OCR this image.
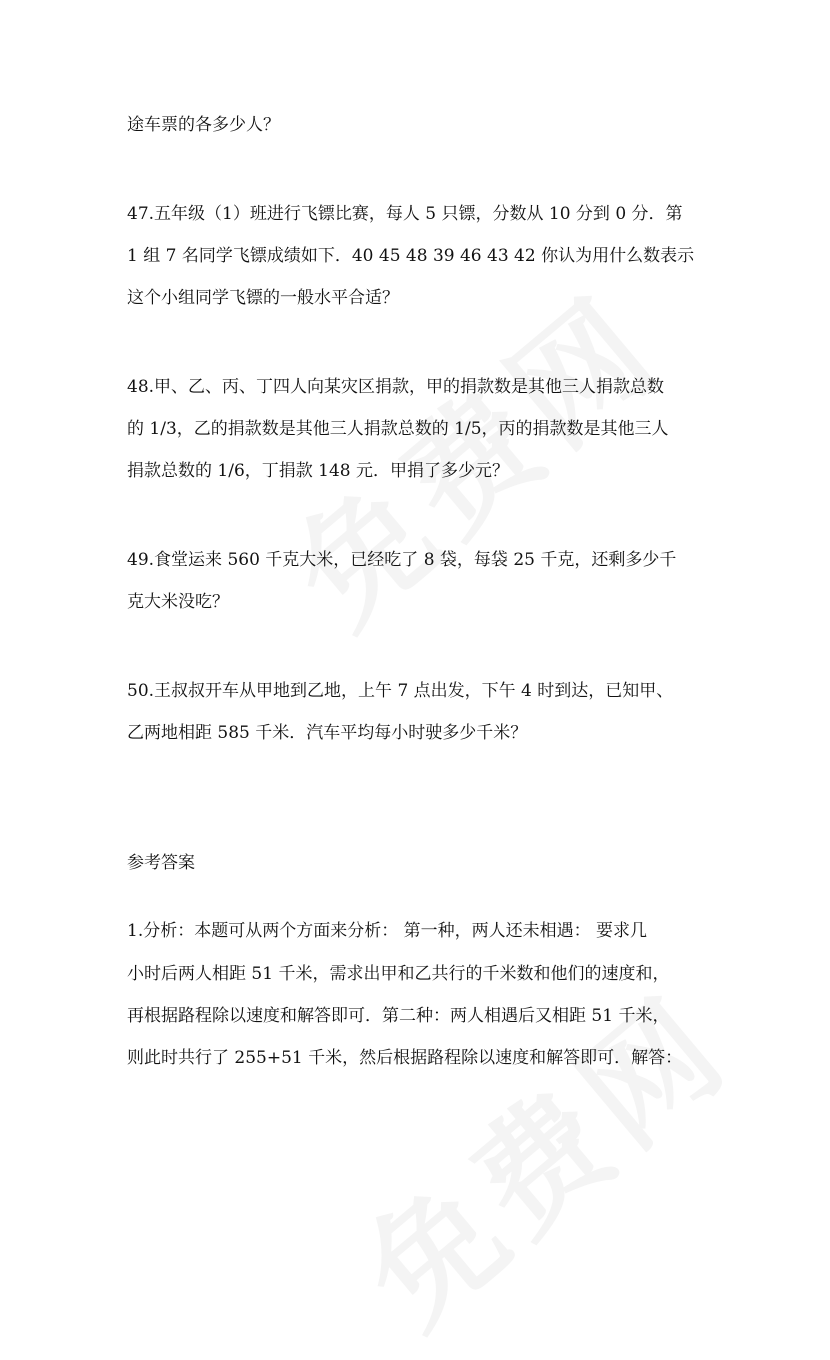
途车票的各多少人？
47.五年级（1）班进行飞镖比赛，每人 5 只镖，分数从 10 分到 0 分．第
1 组 7 名同学飞镖成绩如下．40 45 48 39 46 43 42 你认为用什么数表示
这个小组同学飞镖的一般水平合适？
48.甲、乙、丙、丁四人向某灾区捐款，甲的捐款数是其他三人捐款总数
的 1/3，乙的捐款数是其他三人捐款总数的 1/5，丙的捐款数是其他三人
捐款总数的 1/6，丁捐款 148 元．甲捐了多少元？
49.食堂运来 560 千克大米，已经吃了 8 袋，每袋 25 千克，还剩多少千
克大米没吃？
50.王叔叔开车从甲地到乙地，上午 7 点出发，下午 4 时到达，已知甲、
乙两地相距 585 千米．汽车平均每小时驶多少千米？
参考答案
1.分析：本题可从两个方面来分析： 第一种，两人还未相遇： 要求几
小时后两人相距 51 千米，需求出甲和乙共行的千米数和他们的速度和，
再根据路程除以速度和解答即可．第二种：两人相遇后又相距 51 千米，
则此时共行了 255+51 千米，然后根据路程除以速度和解答即可．解答：
